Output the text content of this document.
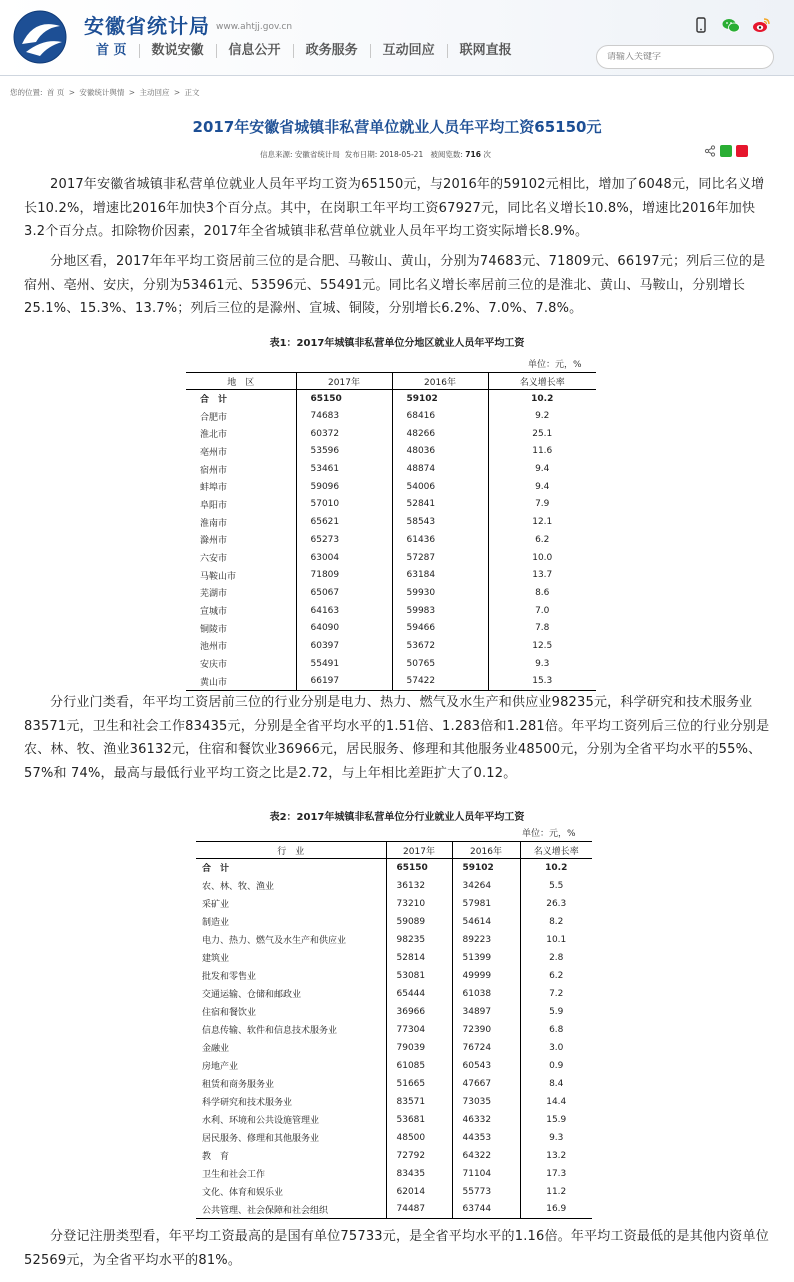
安徽省统计局 www.ahtjj.gov.cn
首 页	数说安徽	信息公开	政务服务	互动回应	联网直报
请输入关键字
您的位置: 首 页 > 安徽统计舆情 > 主动回应 > 正文
2017年安徽省城镇非私营单位就业人员年平均工资65150元
信息来源: 安徽省统计局 发布日期: 2018-05-21 被阅览数: 716 次
2017年安徽省城镇非私营单位就业人员年平均工资为65150元，与2016年的59102元相比，增加了6048元，同比名义增长10.2%，增速比2016年加快3个百分点。其中，在岗职工年平均工资67927元，同比名义增长10.8%，增速比2016年加快3.2个百分点。扣除物价因素，2017年全省城镇非私营单位就业人员年平均工资实际增长8.9%。
分地区看，2017年年平均工资居前三位的是合肥、马鞍山、黄山，分别为74683元、71809元、66197元；列后三位的是宿州、亳州、安庆，分别为53461元、53596元、55491元。同比名义增长率居前三位的是淮北、黄山、马鞍山，分别增长25.1%、15.3%、13.7%；列后三位的是滁州、宣城、铜陵，分别增长6.2%、7.0%、7.8%。
表1：2017年城镇非私营单位分地区就业人员年平均工资
单位：元，%
地　区	2017年	2016年	名义增长率
合　计	65150	59102	10.2
合肥市	74683	68416	9.2
淮北市	60372	48266	25.1
亳州市	53596	48036	11.6
宿州市	53461	48874	9.4
蚌埠市	59096	54006	9.4
阜阳市	57010	52841	7.9
淮南市	65621	58543	12.1
滁州市	65273	61436	6.2
六安市	63004	57287	10.0
马鞍山市	71809	63184	13.7
芜湖市	65067	59930	8.6
宣城市	64163	59983	7.0
铜陵市	64090	59466	7.8
池州市	60397	53672	12.5
安庆市	55491	50765	9.3
黄山市	66197	57422	15.3
分行业门类看，年平均工资居前三位的行业分别是电力、热力、燃气及水生产和供应业98235元，科学研究和技术服务业83571元，卫生和社会工作83435元，分别是全省平均水平的1.51倍、1.283倍和1.281倍。年平均工资列后三位的行业分别是农、林、牧、渔业36132元，住宿和餐饮业36966元，居民服务、修理和其他服务业48500元，分别为全省平均水平的55%、57%和 74%，最高与最低行业平均工资之比是2.72，与上年相比差距扩大了0.12。
表2：2017年城镇非私营单位分行业就业人员年平均工资
单位：元，%
行　业	2017年	2016年	名义增长率
合　计	65150	59102	10.2
农、林、牧、渔业	36132	34264	5.5
采矿业	73210	57981	26.3
制造业	59089	54614	8.2
电力、热力、燃气及水生产和供应业	98235	89223	10.1
建筑业	52814	51399	2.8
批发和零售业	53081	49999	6.2
交通运输、仓储和邮政业	65444	61038	7.2
住宿和餐饮业	36966	34897	5.9
信息传输、软件和信息技术服务业	77304	72390	6.8
金融业	79039	76724	3.0
房地产业	61085	60543	0.9
租赁和商务服务业	51665	47667	8.4
科学研究和技术服务业	83571	73035	14.4
水利、环境和公共设施管理业	53681	46332	15.9
居民服务、修理和其他服务业	48500	44353	9.3
教　育	72792	64322	13.2
卫生和社会工作	83435	71104	17.3
文化、体育和娱乐业	62014	55773	11.2
公共管理、社会保障和社会组织	74487	63744	16.9
分登记注册类型看，年平均工资最高的是国有单位75733元，是全省平均水平的1.16倍。年平均工资最低的是其他内资单位52569元，为全省平均水平的81%。
